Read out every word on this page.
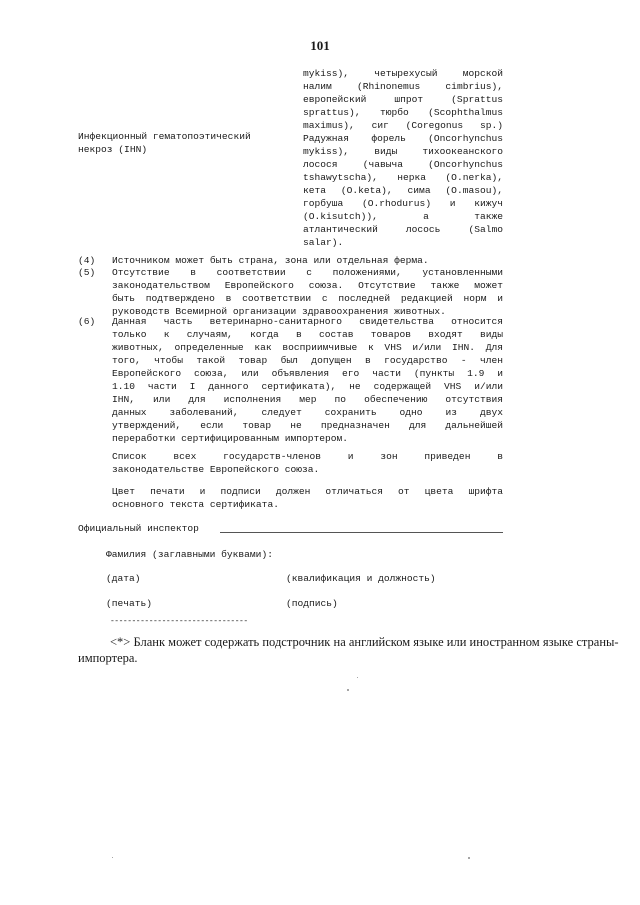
101
Инфекционный гематопоэтический
некроз (IHN)
mykiss), четырехусый морской
налим (Rhinonemus cimbrius),
европейский шпрот (Sprattus
sprattus), тюрбо (Scophthalmus
maximus), сиг (Coregonus sp.)
Радужная форель (Oncorhynchus
mykiss), виды тихоокеанского
лосося (чавыча (Oncorhynchus
tshawytscha), нерка (O.nerka),
кета (O.keta), сима (O.masou),
горбуша (O.rhodurus) и кижуч
(O.kisutch)), а также
атлантический лосось (Salmo
salar).
(4) Источником может быть страна, зона или отдельная ферма.
(5) Отсутствие в соответствии с положениями, установленными
законодательством Европейского союза. Отсутствие также может
быть подтверждено в соответствии с последней редакцией норм и
руководств Всемирной организации здравоохранения животных.
(6) Данная часть ветеринарно-санитарного свидетельства относится
только к случаям, когда в состав товаров входят виды
животных, определенные как восприимчивые к VHS и/или IHN. Для
того, чтобы такой товар был допущен в государство - член
Европейского союза, или объявления его части (пункты 1.9 и
1.10 части I данного сертификата), не содержащей VHS и/или
IHN, или для исполнения мер по обеспечению отсутствия
данных заболеваний, следует сохранить одно из двух
утверждений, если товар не предназначен для дальнейшей
переработки сертифицированным импортером.
Список всех государств-членов и зон приведен в
законодательстве Европейского союза.
Цвет печати и подписи должен отличаться от цвета шрифта
основного текста сертификата.
Официальный инспектор
Фамилия (заглавными буквами):
(дата)	(квалификация и должность)
(печать)	(подпись)
--------------------------------
<*> Бланк может содержать подстрочник на английском языке или иностранном языке страны-
импортера.
